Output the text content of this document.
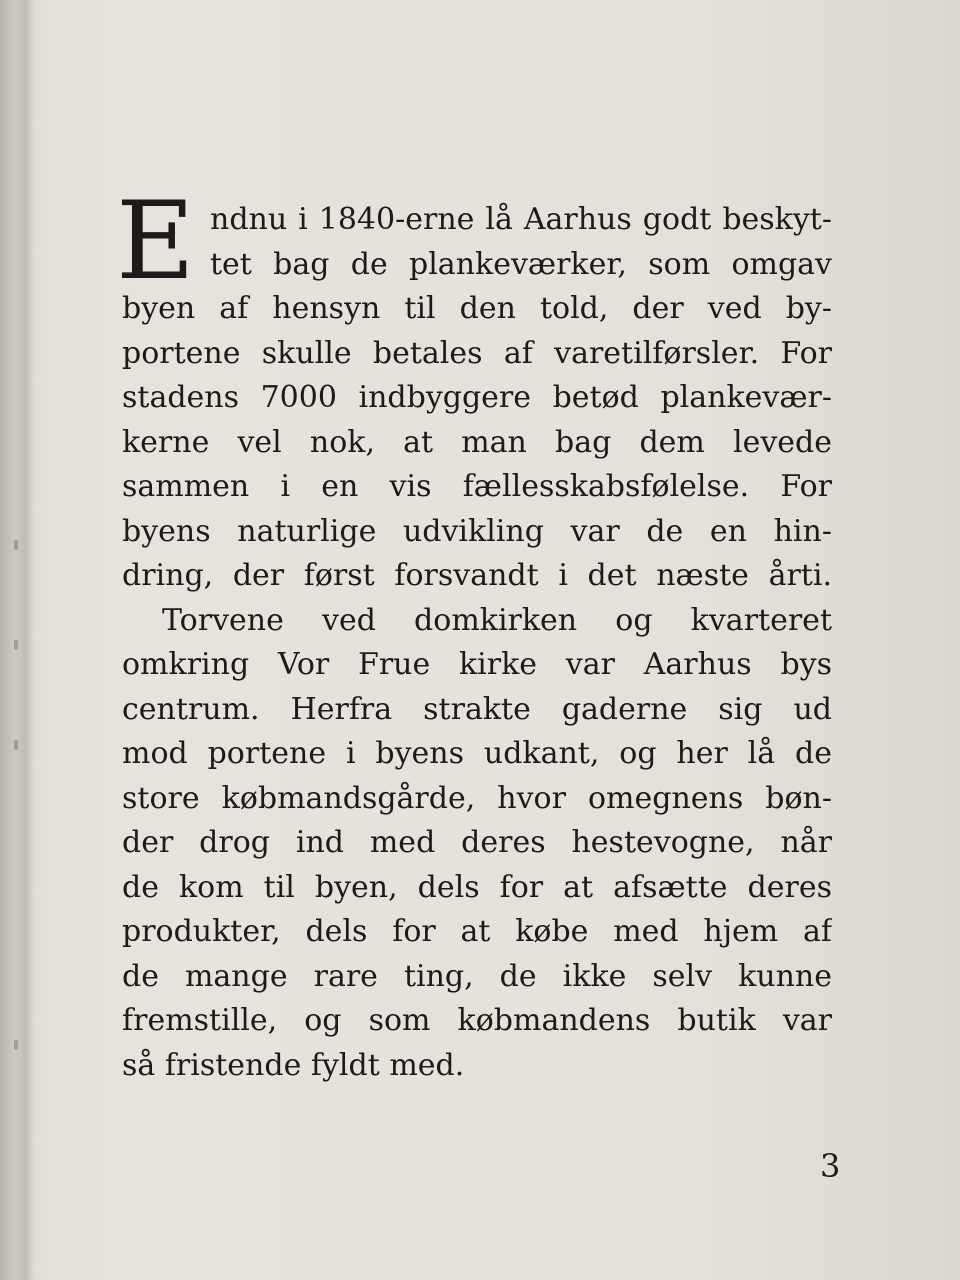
E ndnu i 1840-erne lå Aarhus godt beskyt-
tet bag de plankeværker, som omgav
byen af hensyn til den told, der ved by-
portene skulle betales af varetilførsler. For
stadens 7000 indbyggere betød plankevær-
kerne vel nok, at man bag dem levede
sammen i en vis fællesskabsfølelse. For
byens naturlige udvikling var de en hin-
dring, der først forsvandt i det næste årti.
Torvene ved domkirken og kvarteret
omkring Vor Frue kirke var Aarhus bys
centrum. Herfra strakte gaderne sig ud
mod portene i byens udkant, og her lå de
store købmandsgårde, hvor omegnens bøn-
der drog ind med deres hestevogne, når
de kom til byen, dels for at afsætte deres
produkter, dels for at købe med hjem af
de mange rare ting, de ikke selv kunne
fremstille, og som købmandens butik var
så fristende fyldt med.
3
